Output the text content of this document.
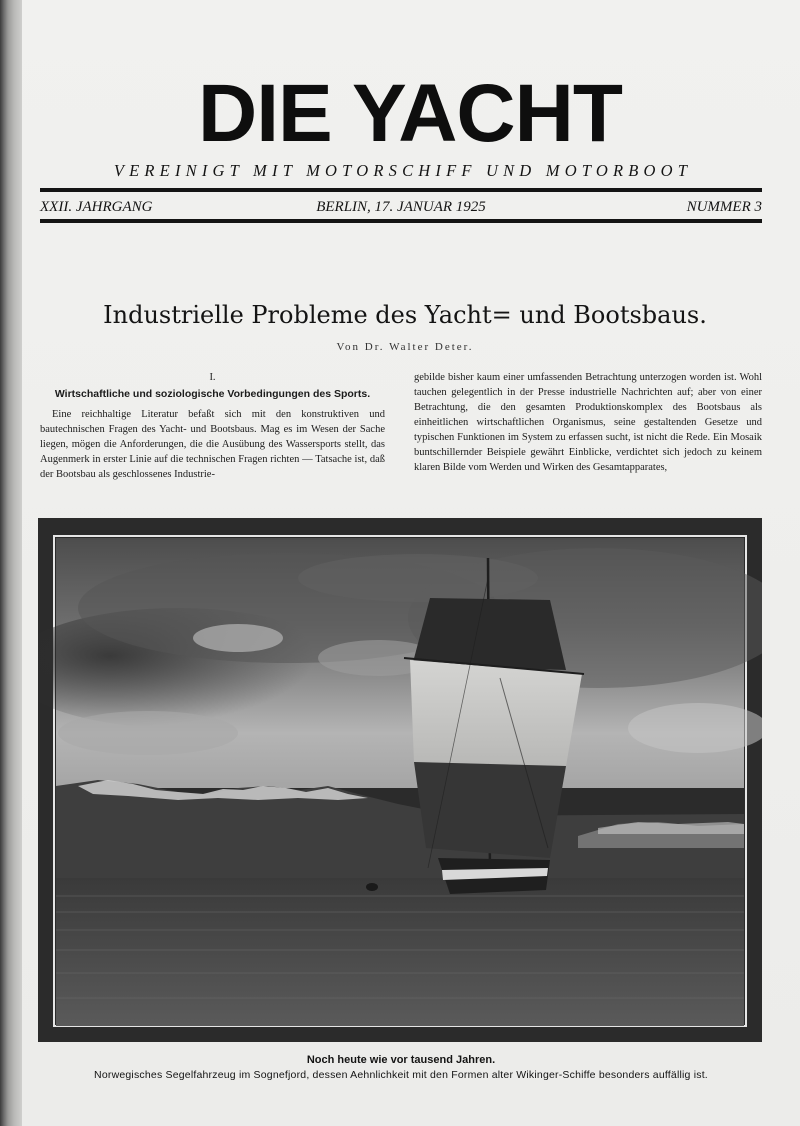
DIE YACHT
VEREINIGT MIT MOTORSCHIFF UND MOTORBOOT
XXII. JAHRGANG	BERLIN, 17. JANUAR 1925	NUMMER 3
Industrielle Probleme des Yacht= und Bootsbaus.
Von Dr. Walter Deter.

I.

Wirtschaftliche und soziologische Vorbedingungen des Sports.

Eine reichhaltige Literatur befaßt sich mit den konstruktiven und bautechnischen Fragen des Yacht- und Bootsbaus. Mag es im Wesen der Sache liegen, mögen die Anforderungen, die die Ausübung des Wassersports stellt, das Augenmerk in erster Linie auf die technischen Fragen richten — Tatsache ist, daß der Bootsbau als geschlossenes Industrie-

gebilde bisher kaum einer umfassenden Betrachtung unterzogen worden ist. Wohl tauchen gelegentlich in der Presse industrielle Nachrichten auf; aber von einer Betrachtung, die den gesamten Produktionskomplex des Bootsbaus als einheitlichen wirtschaftlichen Organismus, seine gestaltenden Gesetze und typischen Funktionen im System zu erfassen sucht, ist nicht die Rede. Ein Mosaik buntschillernder Beispiele gewährt Einblicke, verdichtet sich jedoch zu keinem klaren Bilde vom Werden und Wirken des Gesamtapparates,

Noch heute wie vor tausend Jahren.
Norwegisches Segelfahrzeug im Sognefjord, dessen Aehnlichkeit mit den Formen alter Wikinger-Schiffe besonders auffällig ist.
